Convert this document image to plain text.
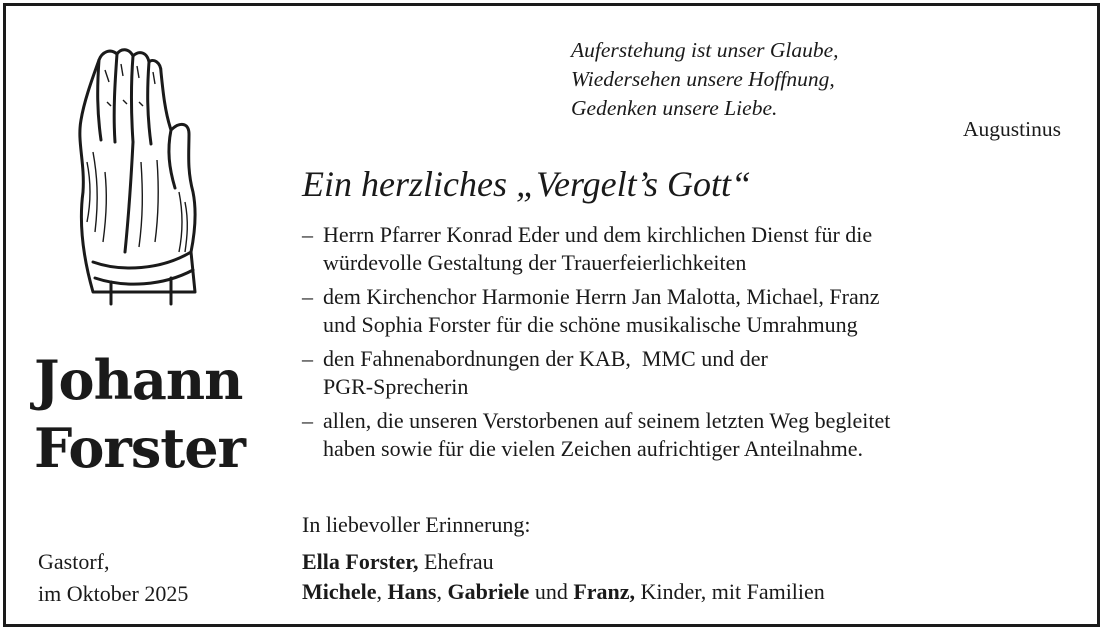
Johann
Forster
Gastorf,
im Oktober 2025
Auferstehung ist unser Glaube,
Wiedersehen unsere Hoffnung,
Gedenken unsere Liebe.
Augustinus
Ein herzliches „Vergelt’s Gott“
– Herrn Pfarrer Konrad Eder und dem kirchlichen Dienst für die
würdevolle Gestaltung der Trauerfeierlichkeiten
– dem Kirchenchor Harmonie Herrn Jan Malotta, Michael, Franz
und Sophia Forster für die schöne musikalische Umrahmung
– den Fahnenabordnungen der KAB,  MMC und der
PGR-Sprecherin
– allen, die unseren Verstorbenen auf seinem letzten Weg begleitet
haben sowie für die vielen Zeichen aufrichtiger Anteilnahme.
In liebevoller Erinnerung:
Ella Forster, Ehefrau
Michele, Hans, Gabriele und Franz, Kinder, mit Familien
